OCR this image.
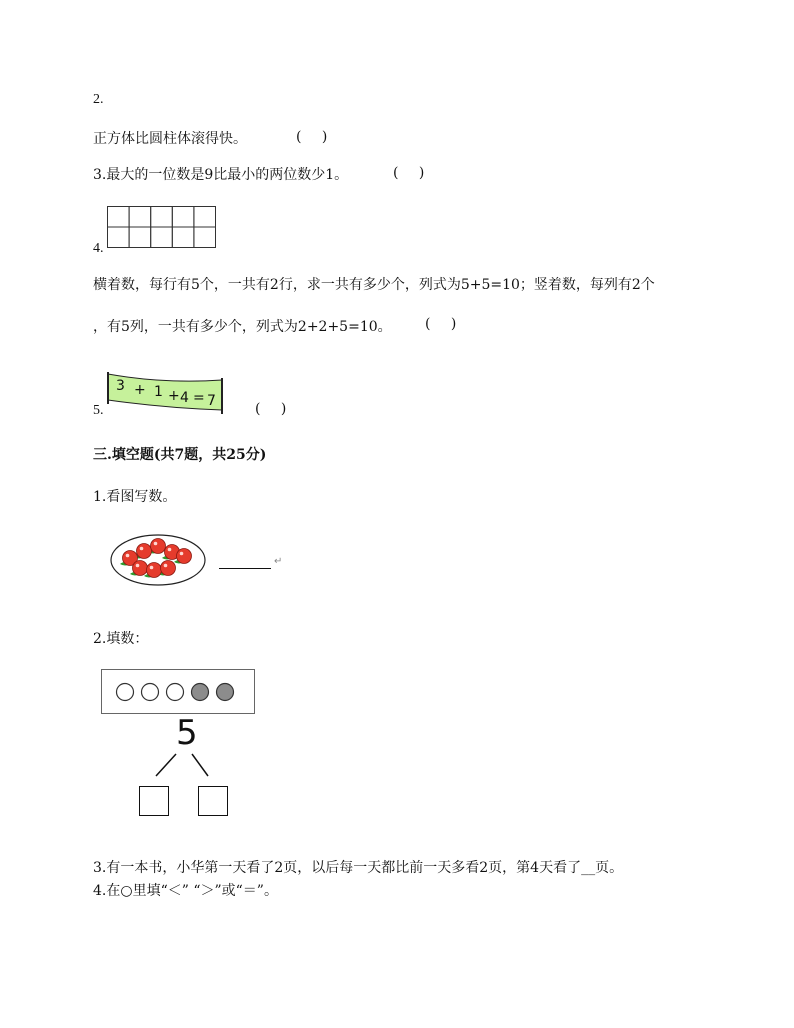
2.
正方体比圆柱体滚得快。	( )
3.最大的一位数是9比最小的两位数少1。	( )
4.
横着数，每行有5个，一共有2行，求一共有多少个，列式为5+5=10；竖着数，每列有2个
，有5列，一共有多少个，列式为2+2+5=10。 ( )
3 + 1 + 4 = 7
5.	( )
三.填空题(共7题，共25分)
1.看图写数。
↵
2.填数：
5
3.有一本书，小华第一天看了2页，以后每一天都比前一天多看2页，第4天看了__页。
4.在○里填“＜” “＞”或“＝”。
